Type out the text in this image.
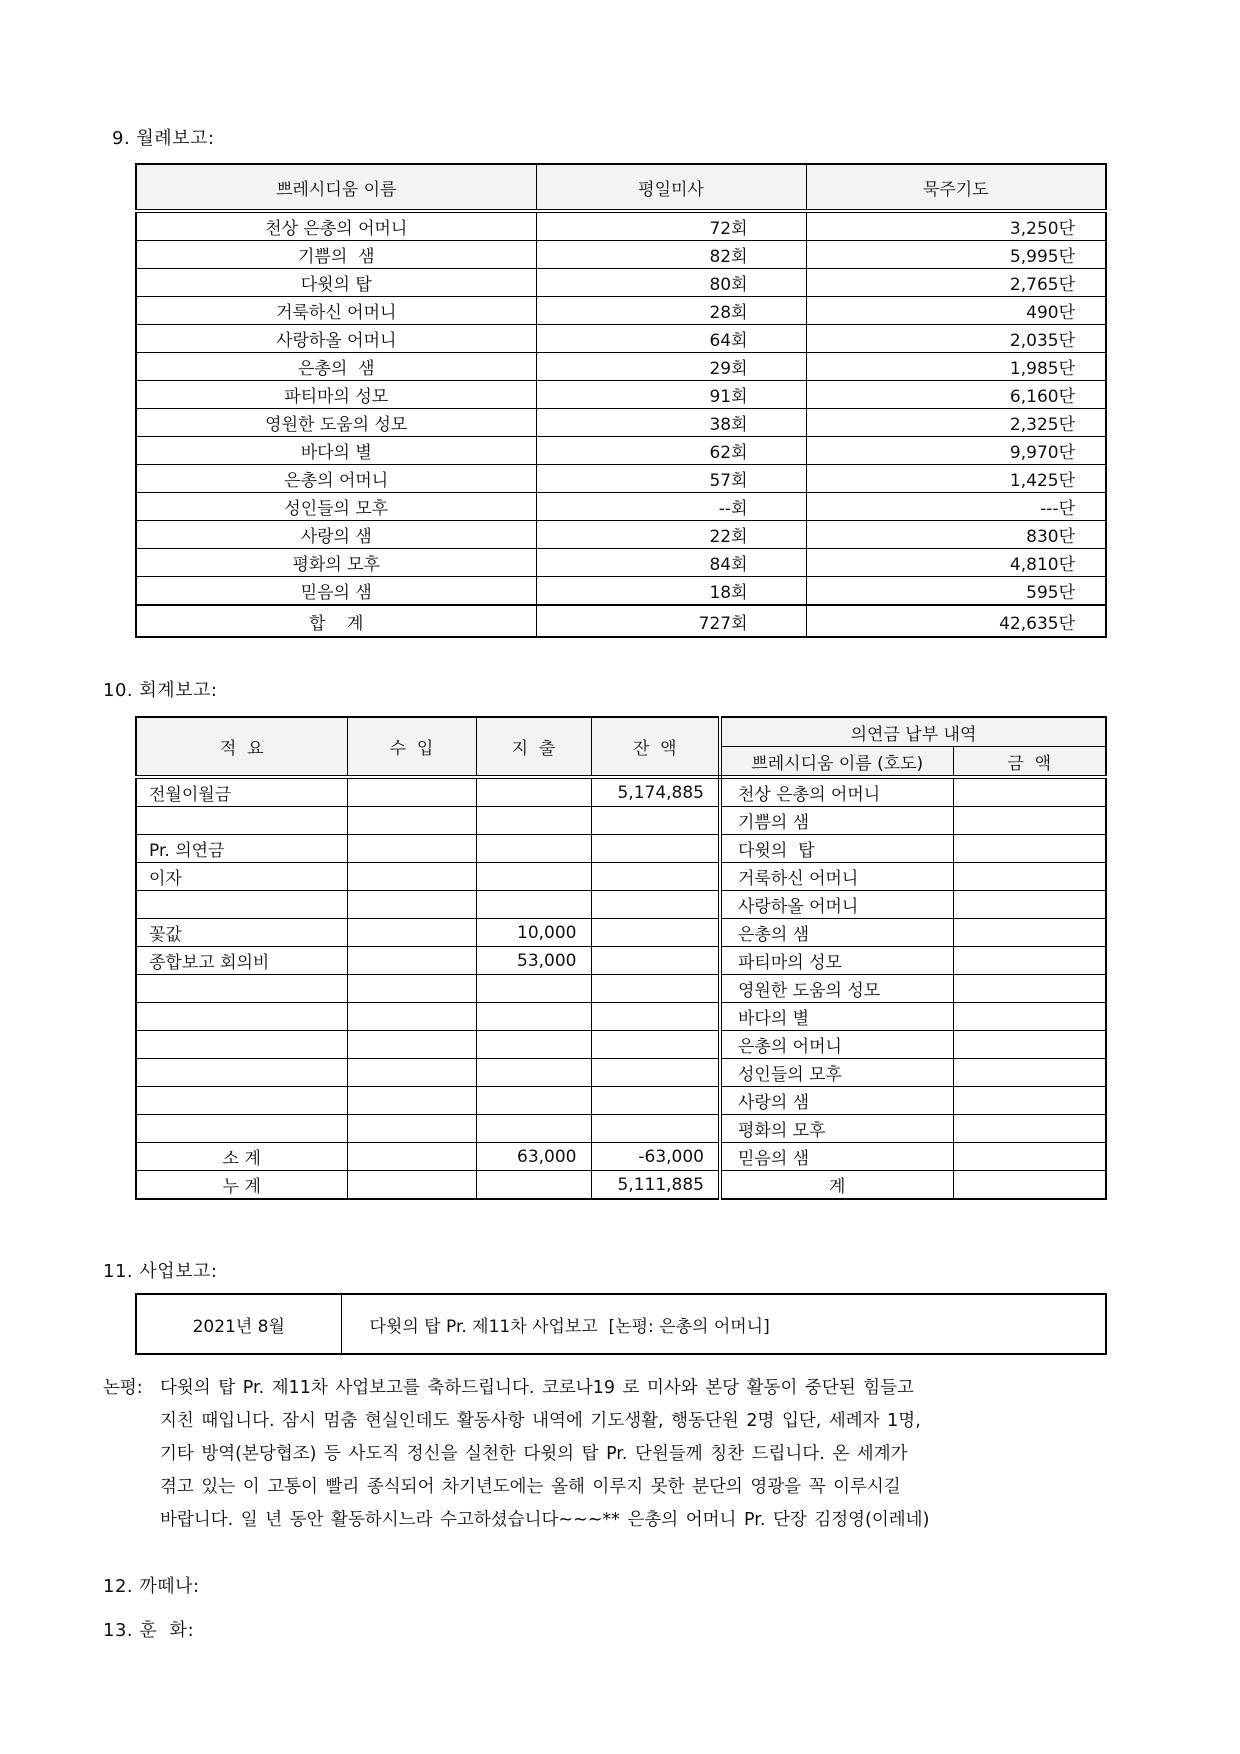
9. 월례보고:
쁘레시디움 이름	평일미사	묵주기도
천상 은총의 어머니	72회	3,250단
기쁨의  샘	82회	5,995단
다윗의 탑	80회	2,765단
거룩하신 어머니	28회	490단
사랑하올 어머니	64회	2,035단
은총의  샘	29회	1,985단
파티마의 성모	91회	6,160단
영원한 도움의 성모	38회	2,325단
바다의 별	62회	9,970단
은총의 어머니	57회	1,425단
성인들의 모후	--회	---단
사랑의 샘	22회	830단
평화의 모후	84회	4,810단
믿음의 샘	18회	595단
합    계	727회	42,635단
10. 회계보고:
적  요	수  입	지  출	잔  액	의연금 납부 내역	
				쁘레시디움 이름 (호도)	금  액
전월이월금			5,174,885	천상 은총의 어머니	
				기쁨의 샘	
Pr. 의연금				다윗의  탑	
이자				거룩하신 어머니	
				사랑하올 어머니	
꽃값		10,000		은총의 샘	
종합보고 회의비		53,000		파티마의 성모	
				영원한 도움의 성모	
				바다의 별	
				은총의 어머니	
				성인들의 모후	
				사랑의 샘	
				평화의 모후	
소 계		63,000	-63,000	믿음의 샘	
누 계			5,111,885	계	
11. 사업보고:
2021년 8월	다윗의 탑 Pr. 제11차 사업보고  [논평: 은총의 어머니]
논평: 다윗의 탑 Pr. 제11차 사업보고를 축하드립니다. 코로나19 로 미사와 본당 활동이 중단된 힘들고
지친 때입니다. 잠시 멈춤 현실인데도 활동사항 내역에 기도생활, 행동단원 2명 입단, 세례자 1명,
기타 방역(본당협조) 등 사도직 정신을 실천한 다윗의 탑 Pr. 단원들께 칭찬 드립니다. 온 세계가
겪고 있는 이 고통이 빨리 종식되어 차기년도에는 올해 이루지 못한 분단의 영광을 꼭 이루시길
바랍니다. 일 년 동안 활동하시느라 수고하셨습니다~~~** 은총의 어머니 Pr. 단장 김정영(이레네)
12. 까떼나:
13. 훈  화:
